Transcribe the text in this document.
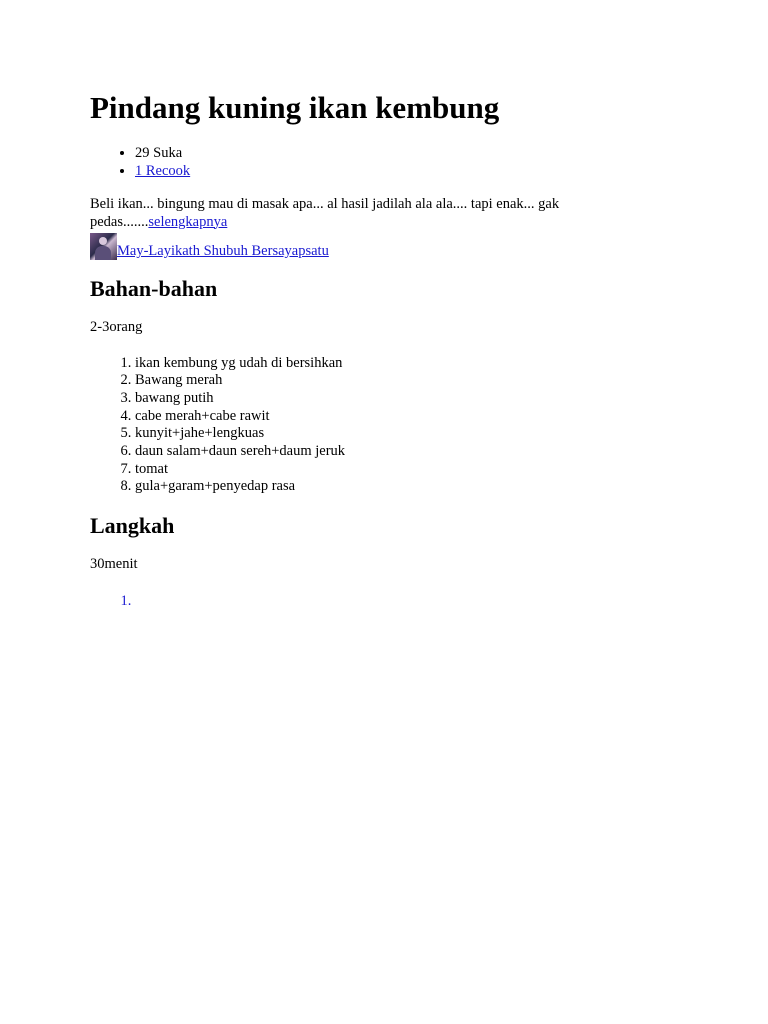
Pindang kuning ikan kembung
• 29 Suka
• 1 Recook

Beli ikan... bingung mau di masak apa... al hasil jadilah ala ala.... tapi enak... gak pedas.......selengkapnya

May-Layikath Shubuh Bersayapsatu
Bahan-bahan

2-3orang

1. ikan kembung yg udah di bersihkan
2. Bawang merah
3. bawang putih
4. cabe merah+cabe rawit
5. kunyit+jahe+lengkuas
6. daun salam+daun sereh+daum jeruk
7. tomat
8. gula+garam+penyedap rasa
Langkah

30menit

1.
